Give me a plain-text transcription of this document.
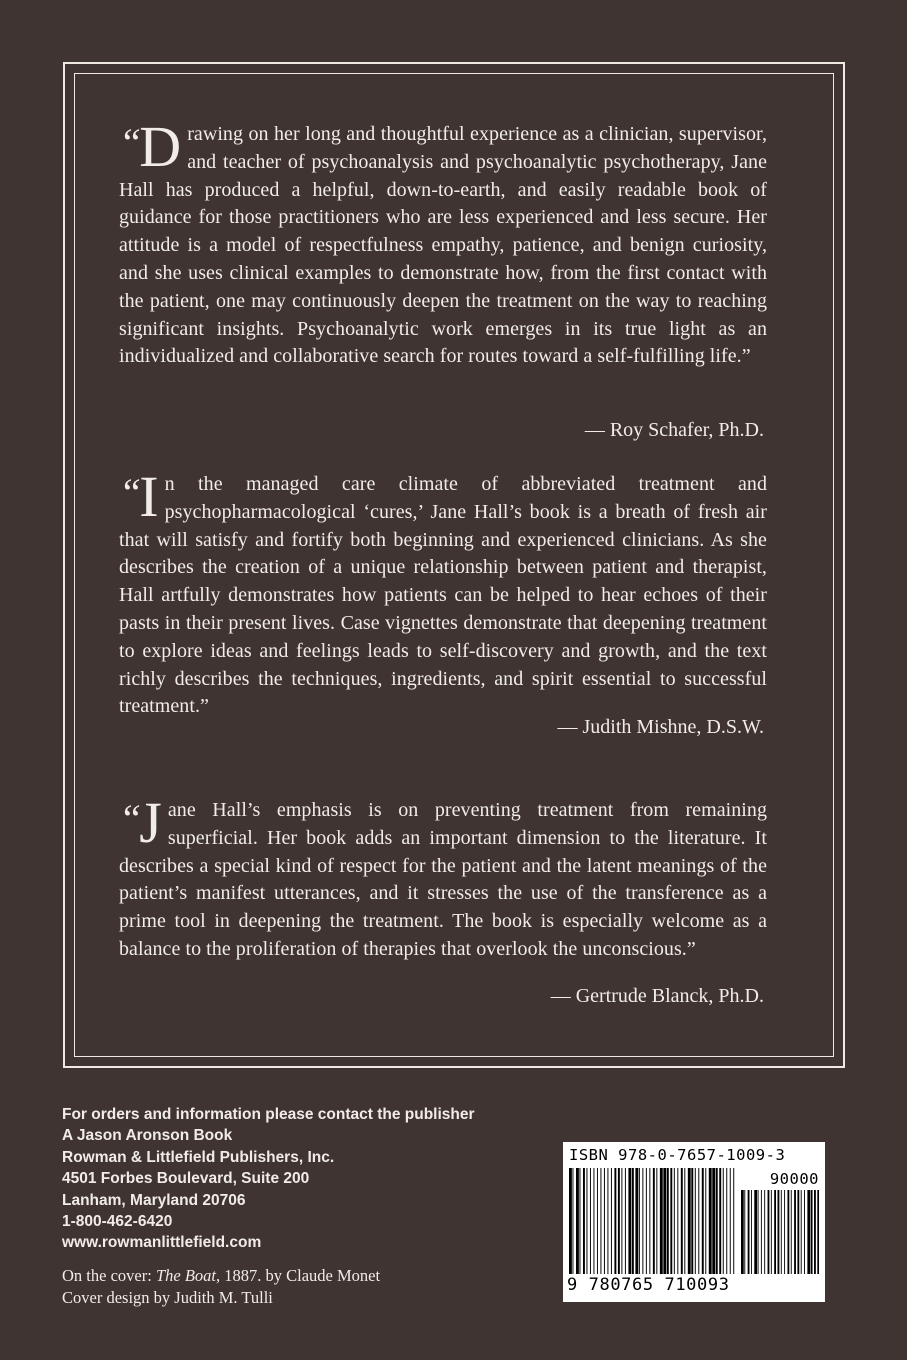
“D rawing on her long and thoughtful experience as a clinician, supervisor, and teacher of psychoanalysis and psychoanalytic psychotherapy, Jane Hall has produced a helpful, down-to-earth, and easily readable book of guidance for those practitioners who are less experienced and less secure. Her attitude is a model of respectfulness empathy, patience, and benign curiosity, and she uses clinical examples to demonstrate how, from the first contact with the patient, one may continuously deepen the treatment on the way to reaching significant insights. Psychoanalytic work emerges in its true light as an individualized and collaborative search for routes toward a self-fulfilling life.”
— Roy Schafer, Ph.D.
“I n the managed care climate of abbreviated treatment and psychopharmacological ‘cures,’ Jane Hall’s book is a breath of fresh air that will satisfy and fortify both beginning and experienced clinicians. As she describes the creation of a unique relationship between patient and therapist, Hall artfully demonstrates how patients can be helped to hear echoes of their pasts in their present lives. Case vignettes demonstrate that deepening treatment to explore ideas and feelings leads to self-discovery and growth, and the text richly describes the techniques, ingredients, and spirit essential to successful treatment.”
— Judith Mishne, D.S.W.
“J ane Hall’s emphasis is on preventing treatment from remaining superficial. Her book adds an important dimension to the literature. It describes a special kind of respect for the patient and the latent meanings of the patient’s manifest utterances, and it stresses the use of the transference as a prime tool in deepening the treatment. The book is especially welcome as a balance to the proliferation of therapies that overlook the unconscious.”
— Gertrude Blanck, Ph.D.
For orders and information please contact the publisher
A Jason Aronson Book
Rowman & Littlefield Publishers, Inc.
4501 Forbes Boulevard, Suite 200
Lanham, Maryland 20706
1-800-462-6420
www.rowmanlittlefield.com
On the cover: The Boat, 1887. by Claude Monet
Cover design by Judith M. Tulli
ISBN 978-0-7657-1009-3
90000
9 780765 710093
